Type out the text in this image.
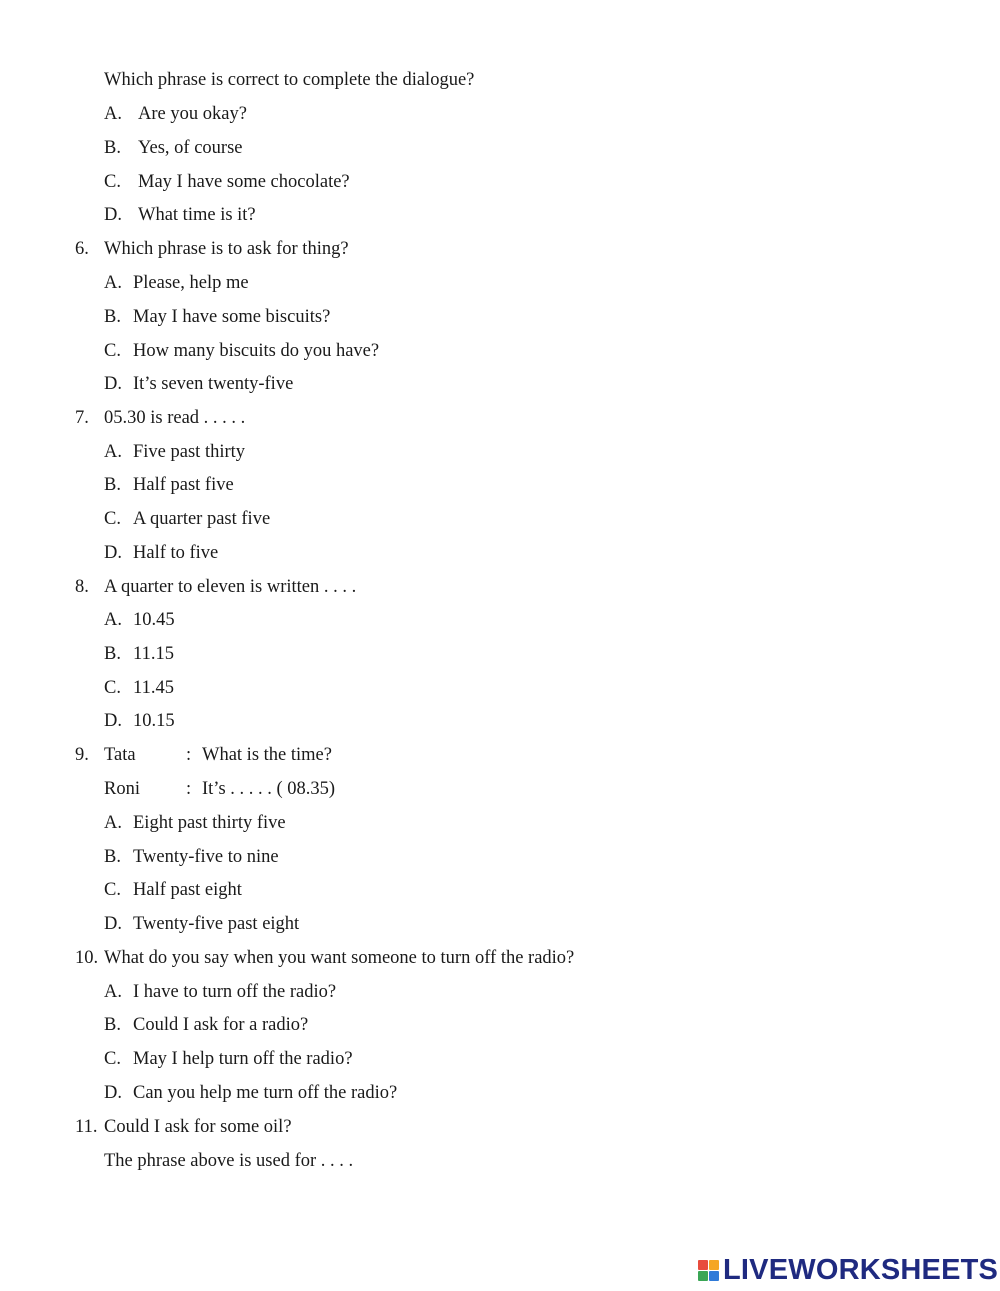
Which phrase is correct to complete the dialogue?
A. Are you okay?
B. Yes, of course
C. May I have some chocolate?
D. What time is it?
6. Which phrase is to ask for thing?
A. Please, help me
B. May I have some biscuits?
C. How many biscuits do you have?
D. It’s seven twenty-five
7. 05.30 is read . . . . .
A. Five past thirty
B. Half past five
C. A quarter past five
D. Half to five
8. A quarter to eleven is written . . . .
A. 10.45
B. 11.15
C. 11.45
D. 10.15
9. Tata	: What is the time?
Roni : It’s . . . . . ( 08.35)
A. Eight past thirty five
B. Twenty-five to nine
C. Half past eight
D. Twenty-five past eight
10. What do you say when you want someone to turn off the radio?
A. I have to turn off the radio?
B. Could I ask for a radio?
C. May I help turn off the radio?
D. Can you help me turn off the radio?
11. Could I ask for some oil?
The phrase above is used for . . . .
LIVEWORKSHEETS
